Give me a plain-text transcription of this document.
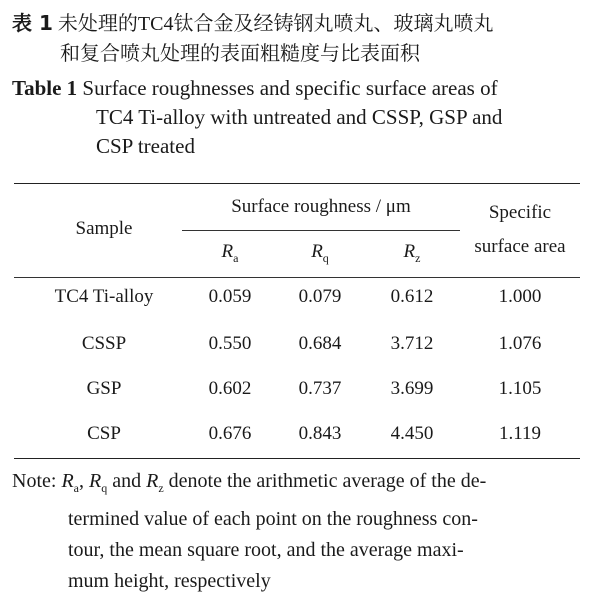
表 1 未处理的TC4钛合金及经铸钢丸喷丸、玻璃丸喷丸
和复合喷丸处理的表面粗糙度与比表面积
Table 1 Surface roughnesses and specific surface areas of
TC4 Ti-alloy with untreated and CSSP, GSP and
CSP treated
Sample
Surface roughness / μm	Specific
surface area
$R_a$	$R_q$	$R_z$
TC4 Ti-alloy	0.059	0.079	0.612	1.000
CSSP	0.550	0.684	3.712	1.076
GSP	0.602	0.737	3.699	1.105
CSP	0.676	0.843	4.450	1.119
Note: $R_a$, $R_q$ and $R_z$ denote the arithmetic average of the de-
termined value of each point on the roughness con-
tour, the mean square root, and the average maxi-
mum height, respectively
